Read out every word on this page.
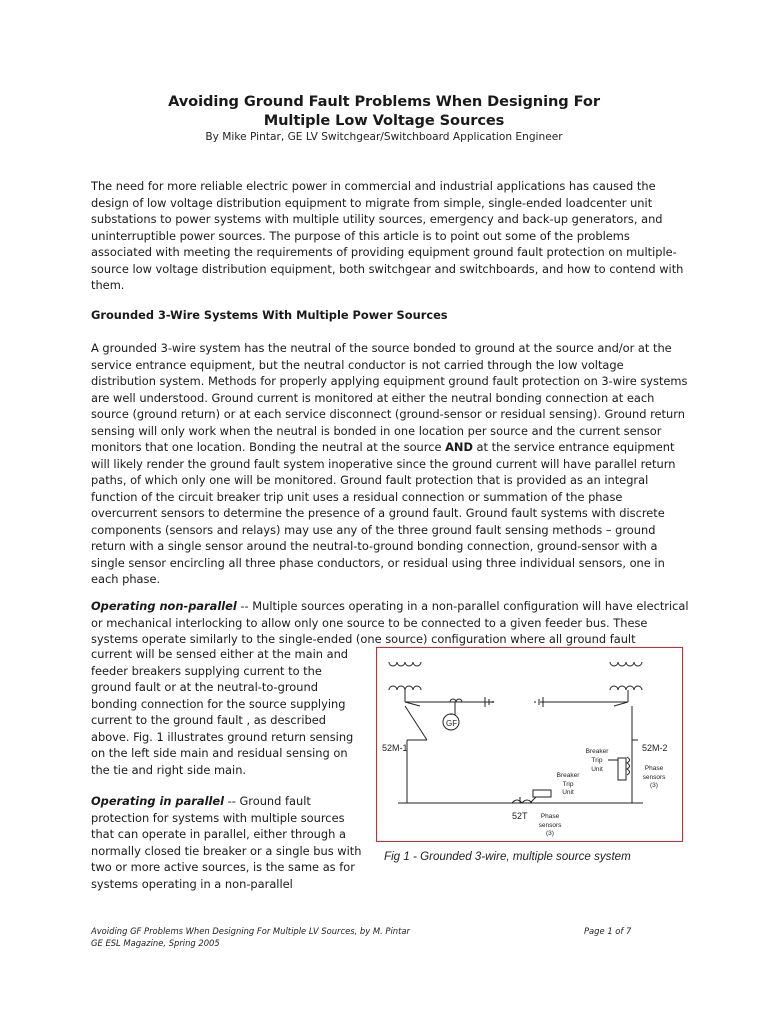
Avoiding Ground Fault Problems When Designing For
Multiple Low Voltage Sources
By Mike Pintar, GE LV Switchgear/Switchboard Application Engineer

The need for more reliable electric power in commercial and industrial applications has caused the design of low voltage distribution equipment to migrate from simple, single-ended loadcenter unit substations to power systems with multiple utility sources, emergency and back-up generators, and uninterruptible power sources. The purpose of this article is to point out some of the problems associated with meeting the requirements of providing equipment ground fault protection on multiple-source low voltage distribution equipment, both switchgear and switchboards, and how to contend with them.

Grounded 3-Wire Systems With Multiple Power Sources

A grounded 3-wire system has the neutral of the source bonded to ground at the source and/or at the service entrance equipment, but the neutral conductor is not carried through the low voltage distribution system. Methods for properly applying equipment ground fault protection on 3-wire systems are well understood. Ground current is monitored at either the neutral bonding connection at each source (ground return) or at each service disconnect (ground-sensor or residual sensing). Ground return sensing will only work when the neutral is bonded in one location per source and the current sensor monitors that one location. Bonding the neutral at the source AND at the service entrance equipment will likely render the ground fault system inoperative since the ground current will have parallel return paths, of which only one will be monitored. Ground fault protection that is provided as an integral function of the circuit breaker trip unit uses a residual connection or summation of the phase overcurrent sensors to determine the presence of a ground fault. Ground fault systems with discrete components (sensors and relays) may use any of the three ground fault sensing methods – ground return with a single sensor around the neutral-to-ground bonding connection, ground-sensor with a single sensor encircling all three phase conductors, or residual using three individual sensors, one in each phase.

Operating non-parallel -- Multiple sources operating in a non-parallel configuration will have electrical or mechanical interlocking to allow only one source to be connected to a given feeder bus. These systems operate similarly to the single-ended (one source) configuration where all ground fault

current will be sensed either at the main and feeder breakers supplying current to the ground fault or at the neutral-to-ground bonding connection for the source supplying current to the ground fault , as described above. Fig. 1 illustrates ground return sensing on the left side main and residual sensing on the tie and right side main.

Operating in parallel -- Ground fault protection for systems with multiple sources that can operate in parallel, either through a normally closed tie breaker or a single bus with two or more active sources, is the same as for systems operating in a non-parallel

GF
52M-1	52M-2
52T
Breaker
Trip
Unit	Phase
sensors
(3)
Breaker
Trip
Unit
Phase
sensors
(3)
Fig 1 - Grounded 3-wire, multiple source system
Avoiding GF Problems When Designing For Multiple LV Sources, by M. Pintar
GE ESL Magazine, Spring 2005
Page 1 of 7
